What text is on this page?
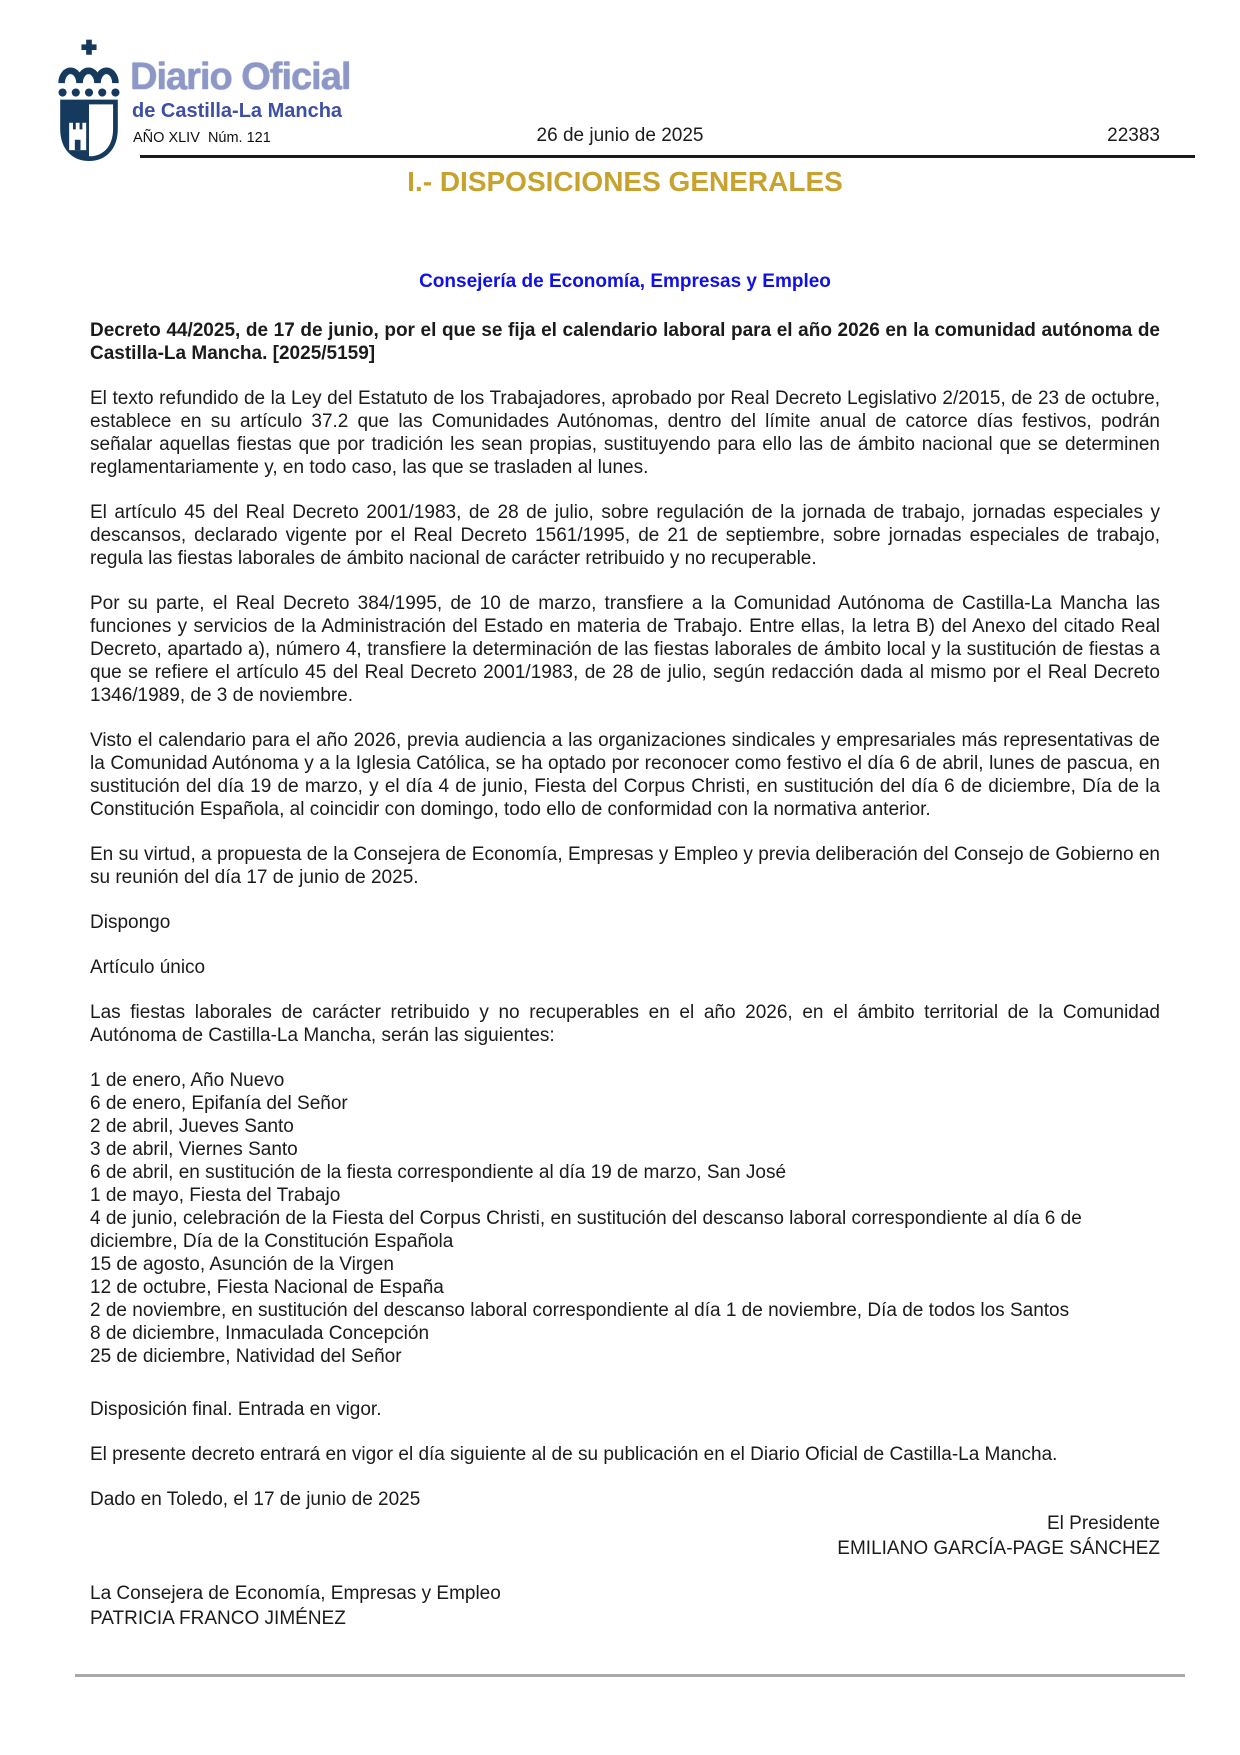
Diario Oficial
de Castilla-La Mancha
AÑO XLIV  Núm. 121	26 de junio de 2025	22383
I.- DISPOSICIONES GENERALES
Consejería de Economía, Empresas y Empleo

Decreto 44/2025, de 17 de junio, por el que se fija el calendario laboral para el año 2026 en la comunidad autónoma de Castilla-La Mancha. [2025/5159]

El texto refundido de la Ley del Estatuto de los Trabajadores, aprobado por Real Decreto Legislativo 2/2015, de 23 de octubre, establece en su artículo 37.2 que las Comunidades Autónomas, dentro del límite anual de catorce días festivos, podrán señalar aquellas fiestas que por tradición les sean propias, sustituyendo para ello las de ámbito nacional que se determinen reglamentariamente y, en todo caso, las que se trasladen al lunes.

El artículo 45 del Real Decreto 2001/1983, de 28 de julio, sobre regulación de la jornada de trabajo, jornadas especiales y descansos, declarado vigente por el Real Decreto 1561/1995, de 21 de septiembre, sobre jornadas especiales de trabajo, regula las fiestas laborales de ámbito nacional de carácter retribuido y no recuperable.

Por su parte, el Real Decreto 384/1995, de 10 de marzo, transfiere a la Comunidad Autónoma de Castilla-La Mancha las funciones y servicios de la Administración del Estado en materia de Trabajo. Entre ellas, la letra B) del Anexo del citado Real Decreto, apartado a), número 4, transfiere la determinación de las fiestas laborales de ámbito local y la sustitución de fiestas a que se refiere el artículo 45 del Real Decreto 2001/1983, de 28 de julio, según redacción dada al mismo por el Real Decreto 1346/1989, de 3 de noviembre.

Visto el calendario para el año 2026, previa audiencia a las organizaciones sindicales y empresariales más representativas de la Comunidad Autónoma y a la Iglesia Católica, se ha optado por reconocer como festivo el día 6 de abril, lunes de pascua, en sustitución del día 19 de marzo, y el día 4 de junio, Fiesta del Corpus Christi, en sustitución del día 6 de diciembre, Día de la Constitución Española, al coincidir con domingo, todo ello de conformidad con la normativa anterior.

En su virtud, a propuesta de la Consejera de Economía, Empresas y Empleo y previa deliberación del Consejo de Gobierno en su reunión del día 17 de junio de 2025.

Dispongo

Artículo único

Las fiestas laborales de carácter retribuido y no recuperables en el año 2026, en el ámbito territorial de la Comunidad Autónoma de Castilla-La Mancha, serán las siguientes:

1 de enero, Año Nuevo

6 de enero, Epifanía del Señor

2 de abril, Jueves Santo

3 de abril, Viernes Santo

6 de abril, en sustitución de la fiesta correspondiente al día 19 de marzo, San José

1 de mayo, Fiesta del Trabajo

4 de junio, celebración de la Fiesta del Corpus Christi, en sustitución del descanso laboral correspondiente al día 6 de diciembre, Día de la Constitución Española

15 de agosto, Asunción de la Virgen

12 de octubre, Fiesta Nacional de España

2 de noviembre, en sustitución del descanso laboral correspondiente al día 1 de noviembre, Día de todos los Santos

8 de diciembre, Inmaculada Concepción

25 de diciembre, Natividad del Señor

Disposición final. Entrada en vigor.

El presente decreto entrará en vigor el día siguiente al de su publicación en el Diario Oficial de Castilla-La Mancha.

Dado en Toledo, el 17 de junio de 2025

El Presidente

EMILIANO GARCÍA-PAGE SÁNCHEZ

La Consejera de Economía, Empresas y Empleo

PATRICIA FRANCO JIMÉNEZ
